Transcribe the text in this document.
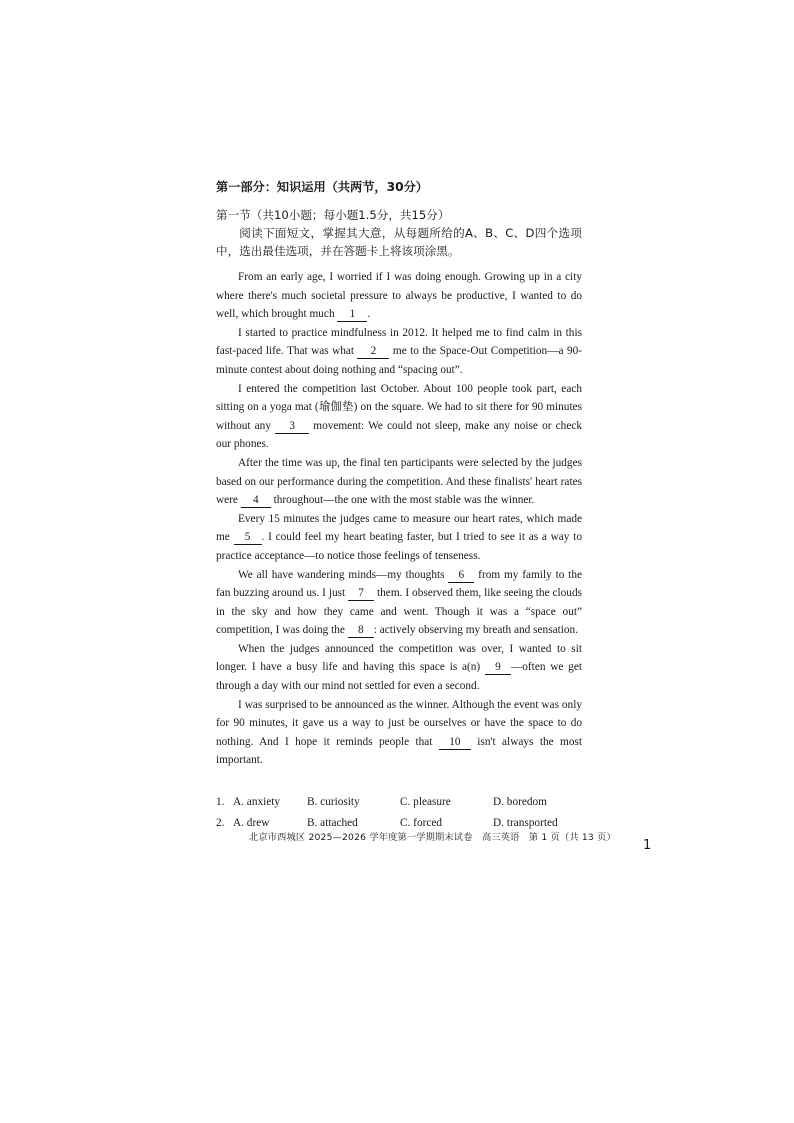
第一部分：知识运用（共两节，30分）
第一节（共10小题；每小题1.5分，共15分）

阅读下面短文，掌握其大意，从每题所给的A、B、C、D四个选项中，选出最佳选项，并在答题卡上将该项涂黑。

From an early age, I worried if I was doing enough. Growing up in a city where there's much societal pressure to always be productive, I wanted to do well, which brought much 1 .

I started to practice mindfulness in 2012. It helped me to find calm in this fast-paced life. That was what 2 me to the Space-Out Competition—a 90-minute contest about doing nothing and “spacing out”.

I entered the competition last October. About 100 people took part, each sitting on a yoga mat (瑜伽垫) on the square. We had to sit there for 90 minutes without any 3 movement: We could not sleep, make any noise or check our phones.

After the time was up, the final ten participants were selected by the judges based on our performance during the competition. And these finalists' heart rates were 4 throughout—the one with the most stable was the winner.

Every 15 minutes the judges came to measure our heart rates, which made me 5 . I could feel my heart beating faster, but I tried to see it as a way to practice acceptance—to notice those feelings of tenseness.

We all have wandering minds—my thoughts 6 from my family to the fan buzzing around us. I just 7 them. I observed them, like seeing the clouds in the sky and how they came and went. Though it was a “space out” competition, I was doing the 8 : actively observing my breath and sensation.

When the judges announced the competition was over, I wanted to sit longer. I have a busy life and having this space is a(n) 9 —often we get through a day with our mind not settled for even a second.

I was surprised to be announced as the winner. Although the event was only for 90 minutes, it gave us a way to just be ourselves or have the space to do nothing. And I hope it reminds people that 10 isn't always the most important.

1. A. anxiety	B. curiosity	C. pleasure	D. boredom
2. A. drew	B. attached	C. forced	D. transported
北京市西城区 2025—2026 学年度第一学期期末试卷　高三英语　第 1 页（共 13 页）
1
